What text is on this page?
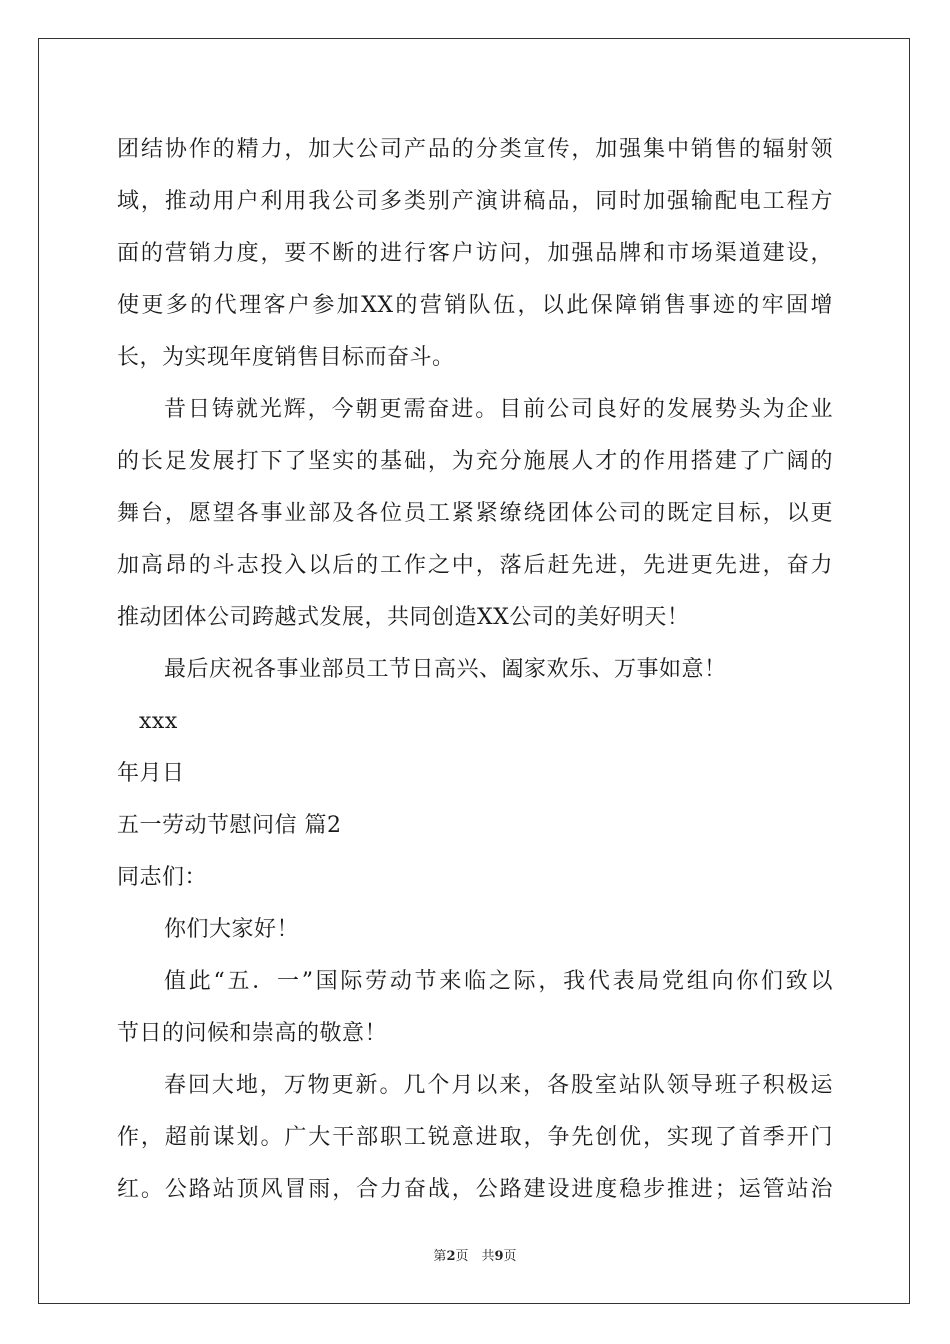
团结协作的精力，加大公司产品的分类宣传，加强集中销售的辐射领
域，推动用户利用我公司多类别产演讲稿品，同时加强输配电工程方
面的营销力度，要不断的进行客户访问，加强品牌和市场渠道建设，
使更多的代理客户参加XX的营销队伍，以此保障销售事迹的牢固增
长，为实现年度销售目标而奋斗。
昔日铸就光辉，今朝更需奋进。目前公司良好的发展势头为企业
的长足发展打下了坚实的基础，为充分施展人才的作用搭建了广阔的
舞台，愿望各事业部及各位员工紧紧缭绕团体公司的既定目标，以更
加高昂的斗志投入以后的工作之中，落后赶先进，先进更先进，奋力
推动团体公司跨越式发展，共同创造XX公司的美好明天！
最后庆祝各事业部员工节日高兴、阖家欢乐、万事如意！
xxx
年月日
五一劳动节慰问信 篇2
同志们：
你们大家好！
值此“五．一”国际劳动节来临之际，我代表局党组向你们致以
节日的问候和崇高的敬意！
春回大地，万物更新。几个月以来，各股室站队领导班子积极运
作，超前谋划。广大干部职工锐意进取，争先创优，实现了首季开门
红。公路站顶风冒雨，合力奋战，公路建设进度稳步推进；运管站治
第2页　共9页
